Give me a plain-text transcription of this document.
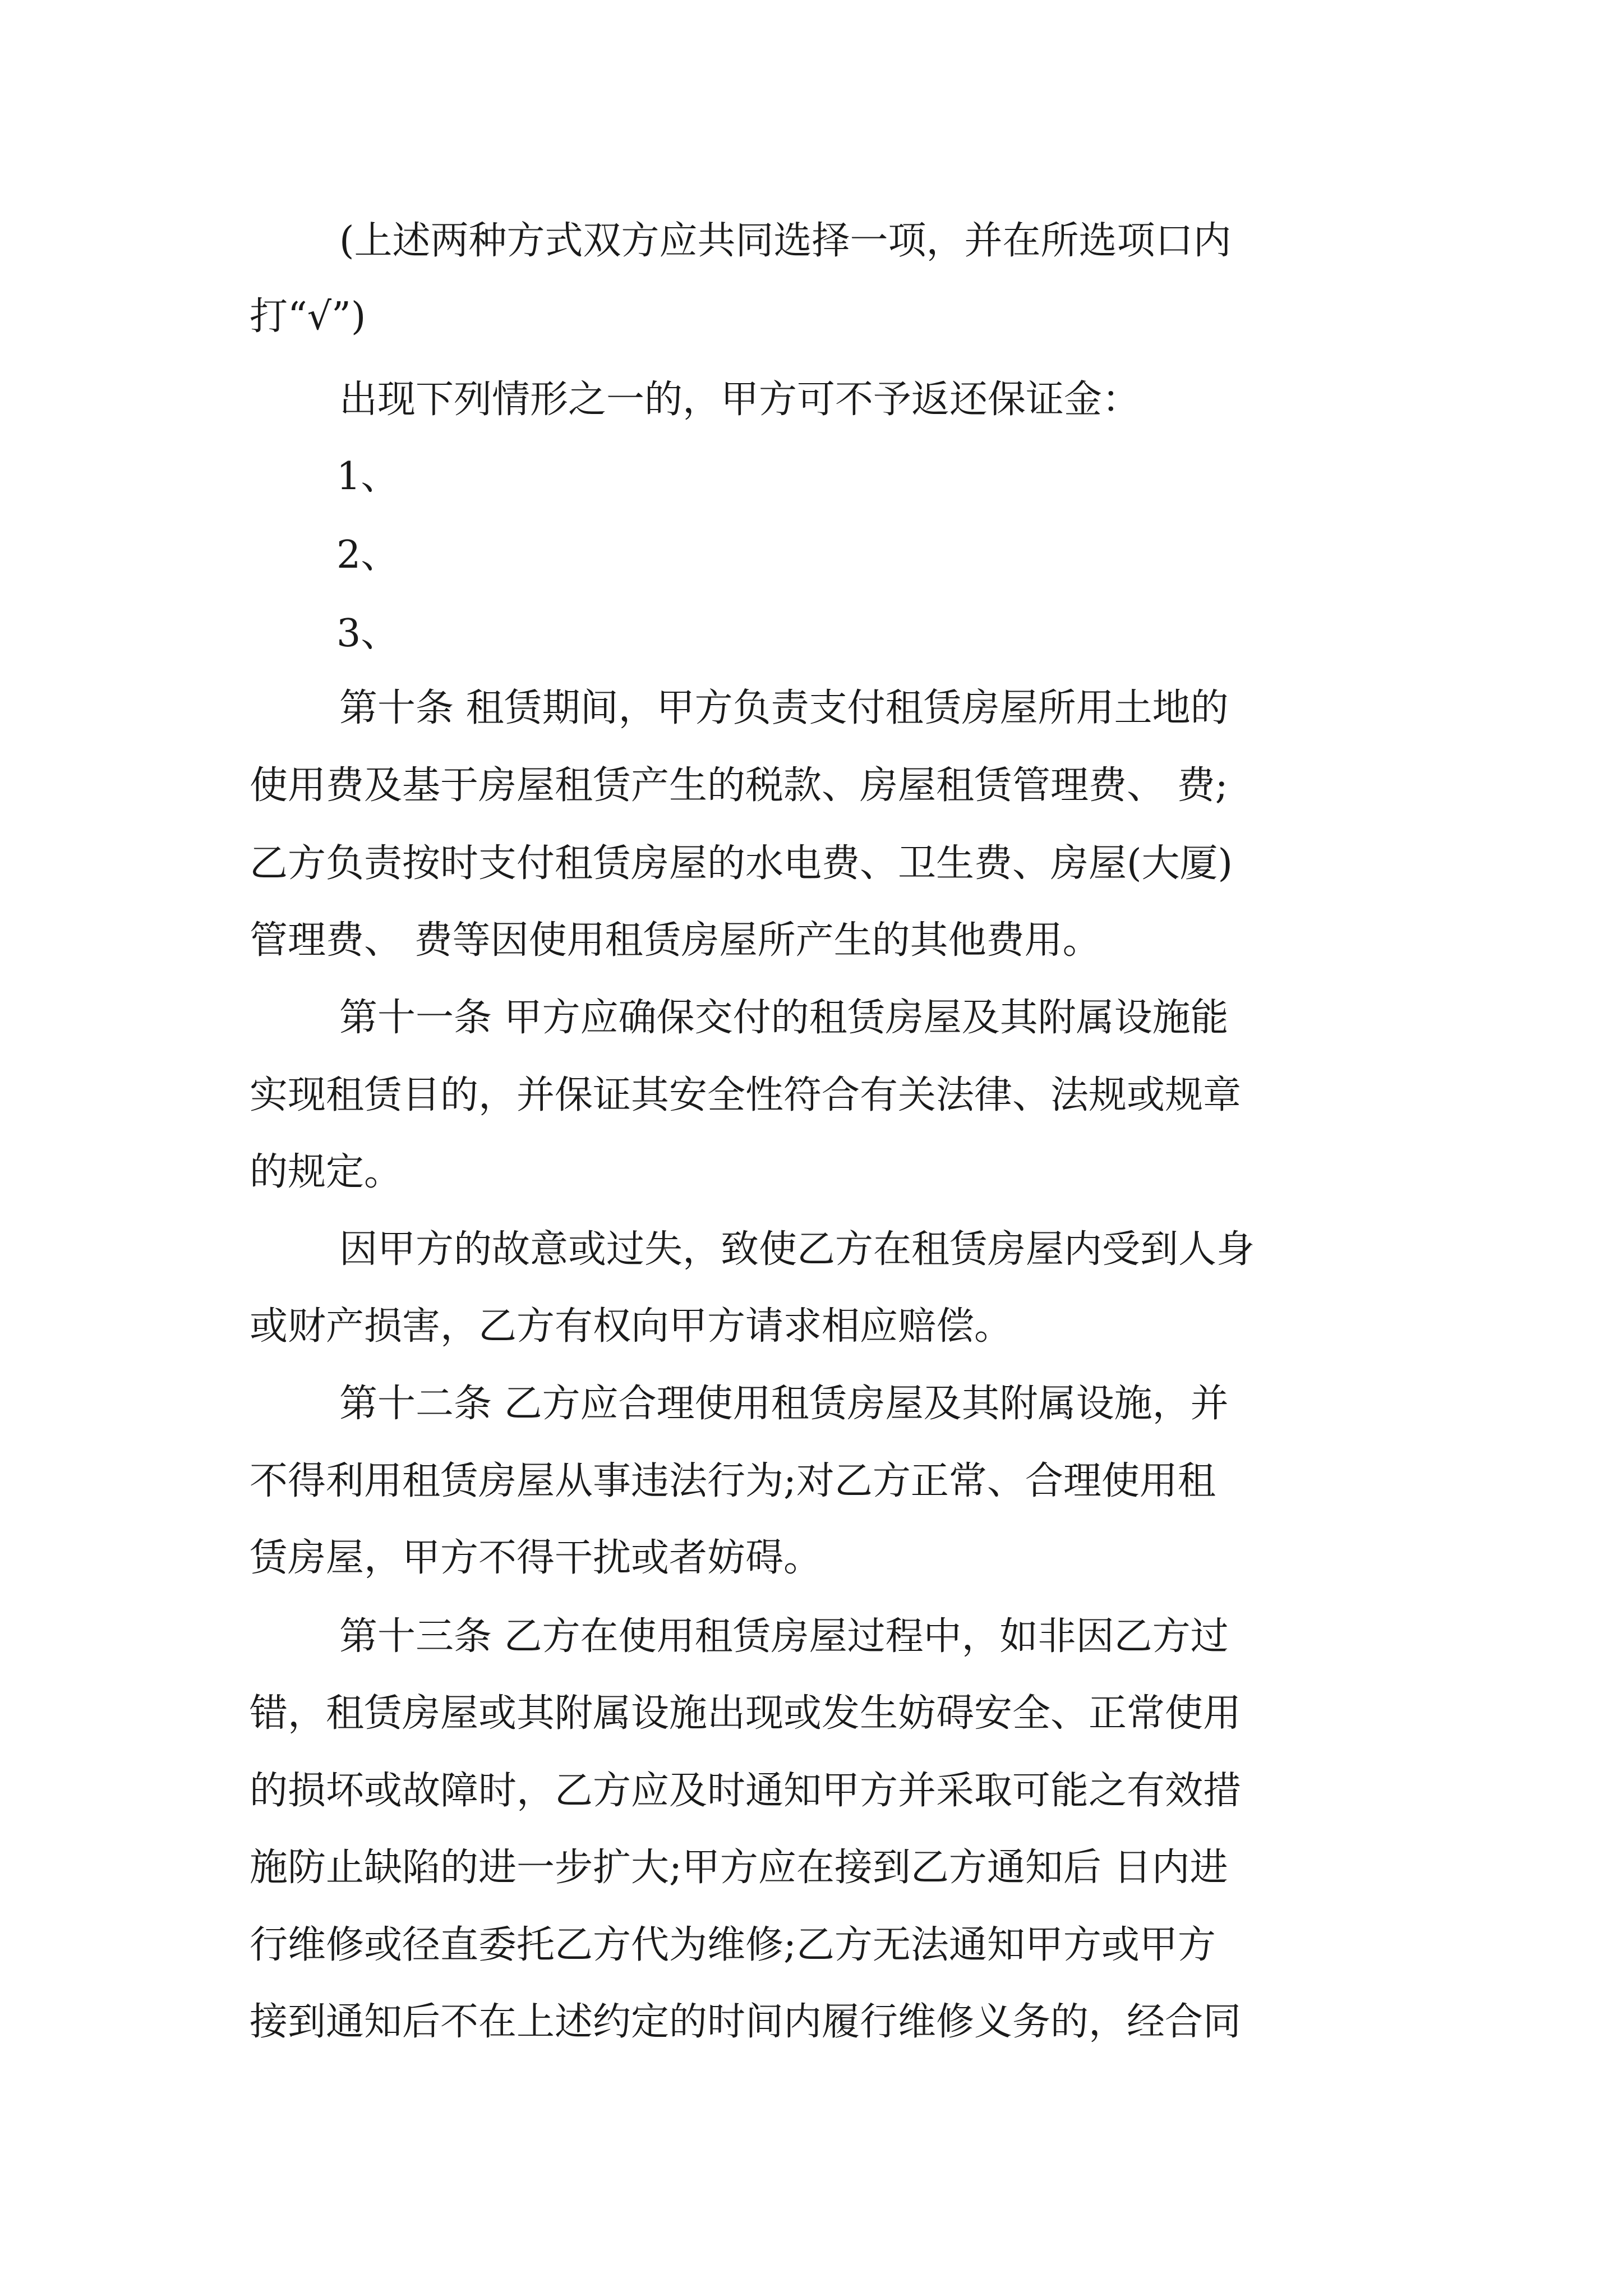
(上述两种方式双方应共同选择一项，并在所选项口内

打“√”)

出现下列情形之一的，甲方可不予返还保证金：

1、

2、

3、

第十条 租赁期间，甲方负责支付租赁房屋所用土地的

使用费及基于房屋租赁产生的税款、房屋租赁管理费、 费;

乙方负责按时支付租赁房屋的水电费、卫生费、房屋(大厦)

管理费、 费等因使用租赁房屋所产生的其他费用。

第十一条 甲方应确保交付的租赁房屋及其附属设施能

实现租赁目的，并保证其安全性符合有关法律、法规或规章

的规定。

因甲方的故意或过失，致使乙方在租赁房屋内受到人身

或财产损害，乙方有权向甲方请求相应赔偿。

第十二条 乙方应合理使用租赁房屋及其附属设施，并

不得利用租赁房屋从事违法行为;对乙方正常、合理使用租

赁房屋，甲方不得干扰或者妨碍。

第十三条 乙方在使用租赁房屋过程中，如非因乙方过

错，租赁房屋或其附属设施出现或发生妨碍安全、正常使用

的损坏或故障时，乙方应及时通知甲方并采取可能之有效措

施防止缺陷的进一步扩大;甲方应在接到乙方通知后 日内进

行维修或径直委托乙方代为维修;乙方无法通知甲方或甲方

接到通知后不在上述约定的时间内履行维修义务的，经合同
